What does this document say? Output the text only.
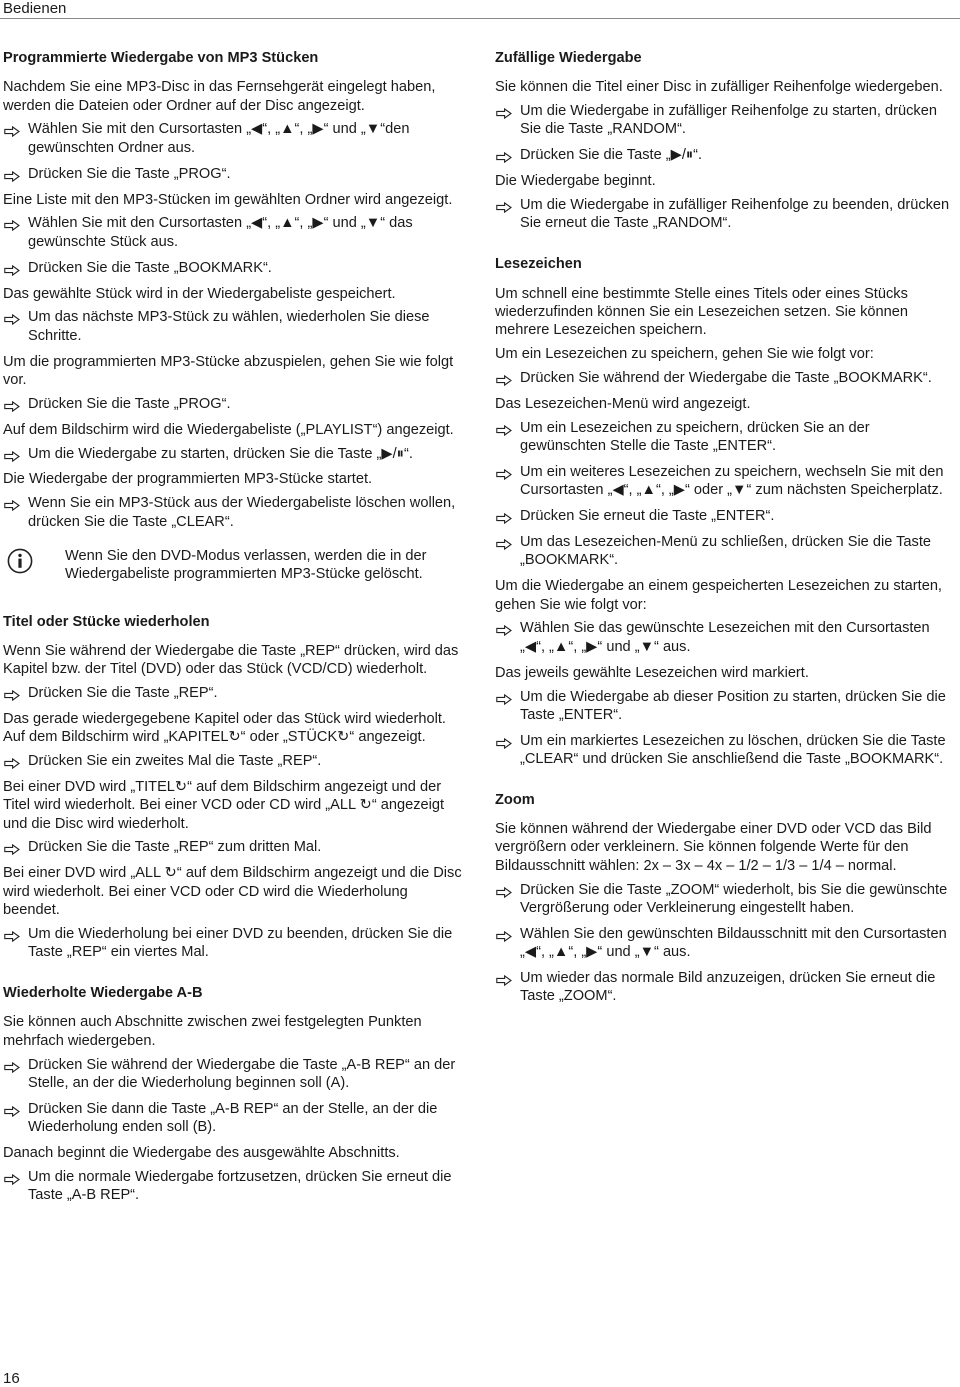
Bedienen
Programmierte Wiedergabe von MP3 Stücken
Nachdem Sie eine MP3-Disc in das Fernsehgerät eingelegt haben, werden die Dateien oder Ordner auf der Disc angezeigt.
Wählen Sie mit den Cursortasten „◀“, „▲“, „▶“ und „▼“den gewünschten Ordner aus.
Drücken Sie die Taste „PROG“.
Eine Liste mit den MP3-Stücken im gewählten Ordner wird angezeigt.
Wählen Sie mit den Cursortasten „◀“, „▲“, „▶“ und „▼“ das gewünschte Stück aus.
Drücken Sie die Taste „BOOKMARK“.
Das gewählte Stück wird in der Wiedergabeliste gespeichert.
Um das nächste MP3-Stück zu wählen, wiederholen Sie diese Schritte.
Um die programmierten MP3-Stücke abzuspielen, gehen Sie wie folgt vor.
Drücken Sie die Taste „PROG“.
Auf dem Bildschirm wird die Wiedergabeliste („PLAYLIST“) angezeigt.
Um die Wiedergabe zu starten, drücken Sie die Taste „▶/⏸“.
Die Wiedergabe der programmierten MP3-Stücke startet.
Wenn Sie ein MP3-Stück aus der Wiedergabeliste löschen wollen, drücken Sie die Taste „CLEAR“.
Wenn Sie den DVD-Modus verlassen, werden die in der Wiedergabeliste programmierten MP3-Stücke gelöscht.
Titel oder Stücke wiederholen
Wenn Sie während der Wiedergabe die Taste „REP“ drücken, wird das Kapitel bzw. der Titel (DVD) oder das Stück (VCD/CD) wiederholt.
Drücken Sie die Taste „REP“.
Das gerade wiedergegebene Kapitel oder das Stück wird wiederholt. Auf dem Bildschirm wird „KAPITEL↻“ oder „STÜCK↻“ angezeigt.
Drücken Sie ein zweites Mal die Taste „REP“.
Bei einer DVD wird „TITEL↻“ auf dem Bildschirm angezeigt und der Titel wird wiederholt. Bei einer VCD oder CD wird „ALL ↻“ angezeigt und die Disc wird wiederholt.
Drücken Sie die Taste „REP“ zum dritten Mal.
Bei einer DVD wird „ALL ↻“ auf dem Bildschirm angezeigt und die Disc wird wiederholt. Bei einer VCD oder CD wird die Wiederholung beendet.
Um die Wiederholung bei einer DVD zu beenden, drücken Sie die Taste „REP“ ein viertes Mal.
Wiederholte Wiedergabe A-B
Sie können auch Abschnitte zwischen zwei festgelegten Punkten mehrfach wiedergeben.
Drücken Sie während der Wiedergabe die Taste „A-B REP“ an der Stelle, an der die Wiederholung beginnen soll (A).
Drücken Sie dann die Taste „A-B REP“ an der Stelle, an der die Wiederholung enden soll (B).
Danach beginnt die Wiedergabe des ausgewählte Abschnitts.
Um die normale Wiedergabe fortzusetzen, drücken Sie erneut die Taste „A-B REP“.
Zufällige Wiedergabe
Sie können die Titel einer Disc in zufälliger Reihenfolge wiedergeben.
Um die Wiedergabe in zufälliger Reihenfolge zu starten, drücken Sie die Taste „RANDOM“.
Drücken Sie die Taste „▶/⏸“.
Die Wiedergabe beginnt.
Um die Wiedergabe in zufälliger Reihenfolge zu beenden, drücken Sie erneut die Taste „RANDOM“.
Lesezeichen
Um schnell eine bestimmte Stelle eines Titels oder eines Stücks wiederzufinden können Sie ein Lesezeichen setzen. Sie können mehrere Lesezeichen speichern.
Um ein Lesezeichen zu speichern, gehen Sie wie folgt vor:
Drücken Sie während der Wiedergabe die Taste „BOOKMARK“.
Das Lesezeichen-Menü wird angezeigt.
Um ein Lesezeichen zu speichern, drücken Sie an der gewünschten Stelle die Taste „ENTER“.
Um ein weiteres Lesezeichen zu speichern, wechseln Sie mit den Cursortasten „◀“, „▲“, „▶“ oder „▼“ zum nächsten Speicherplatz.
Drücken Sie erneut die Taste „ENTER“.
Um das Lesezeichen-Menü zu schließen, drücken Sie die Taste „BOOKMARK“.
Um die Wiedergabe an einem gespeicherten Lesezeichen zu starten, gehen Sie wie folgt vor:
Wählen Sie das gewünschte Lesezeichen mit den Cursortasten „◀“, „▲“, „▶“ und „▼“ aus.
Das jeweils gewählte Lesezeichen wird markiert.
Um die Wiedergabe ab dieser Position zu starten, drücken Sie die Taste „ENTER“.
Um ein markiertes Lesezeichen zu löschen, drücken Sie die Taste „CLEAR“ und drücken Sie anschließend die Taste „BOOKMARK“.
Zoom
Sie können während der Wiedergabe einer DVD oder VCD das Bild vergrößern oder verkleinern. Sie können folgende Werte für den Bildausschnitt wählen: 2x – 3x – 4x – 1/2 – 1/3 – 1/4 – normal.
Drücken Sie die Taste „ZOOM“ wiederholt, bis Sie die gewünschte Vergrößerung oder Verkleinerung eingestellt haben.
Wählen Sie den gewünschten Bildausschnitt mit den Cursortasten „◀“, „▲“, „▶“ und „▼“ aus.
Um wieder das normale Bild anzuzeigen, drücken Sie erneut die Taste „ZOOM“.
16
